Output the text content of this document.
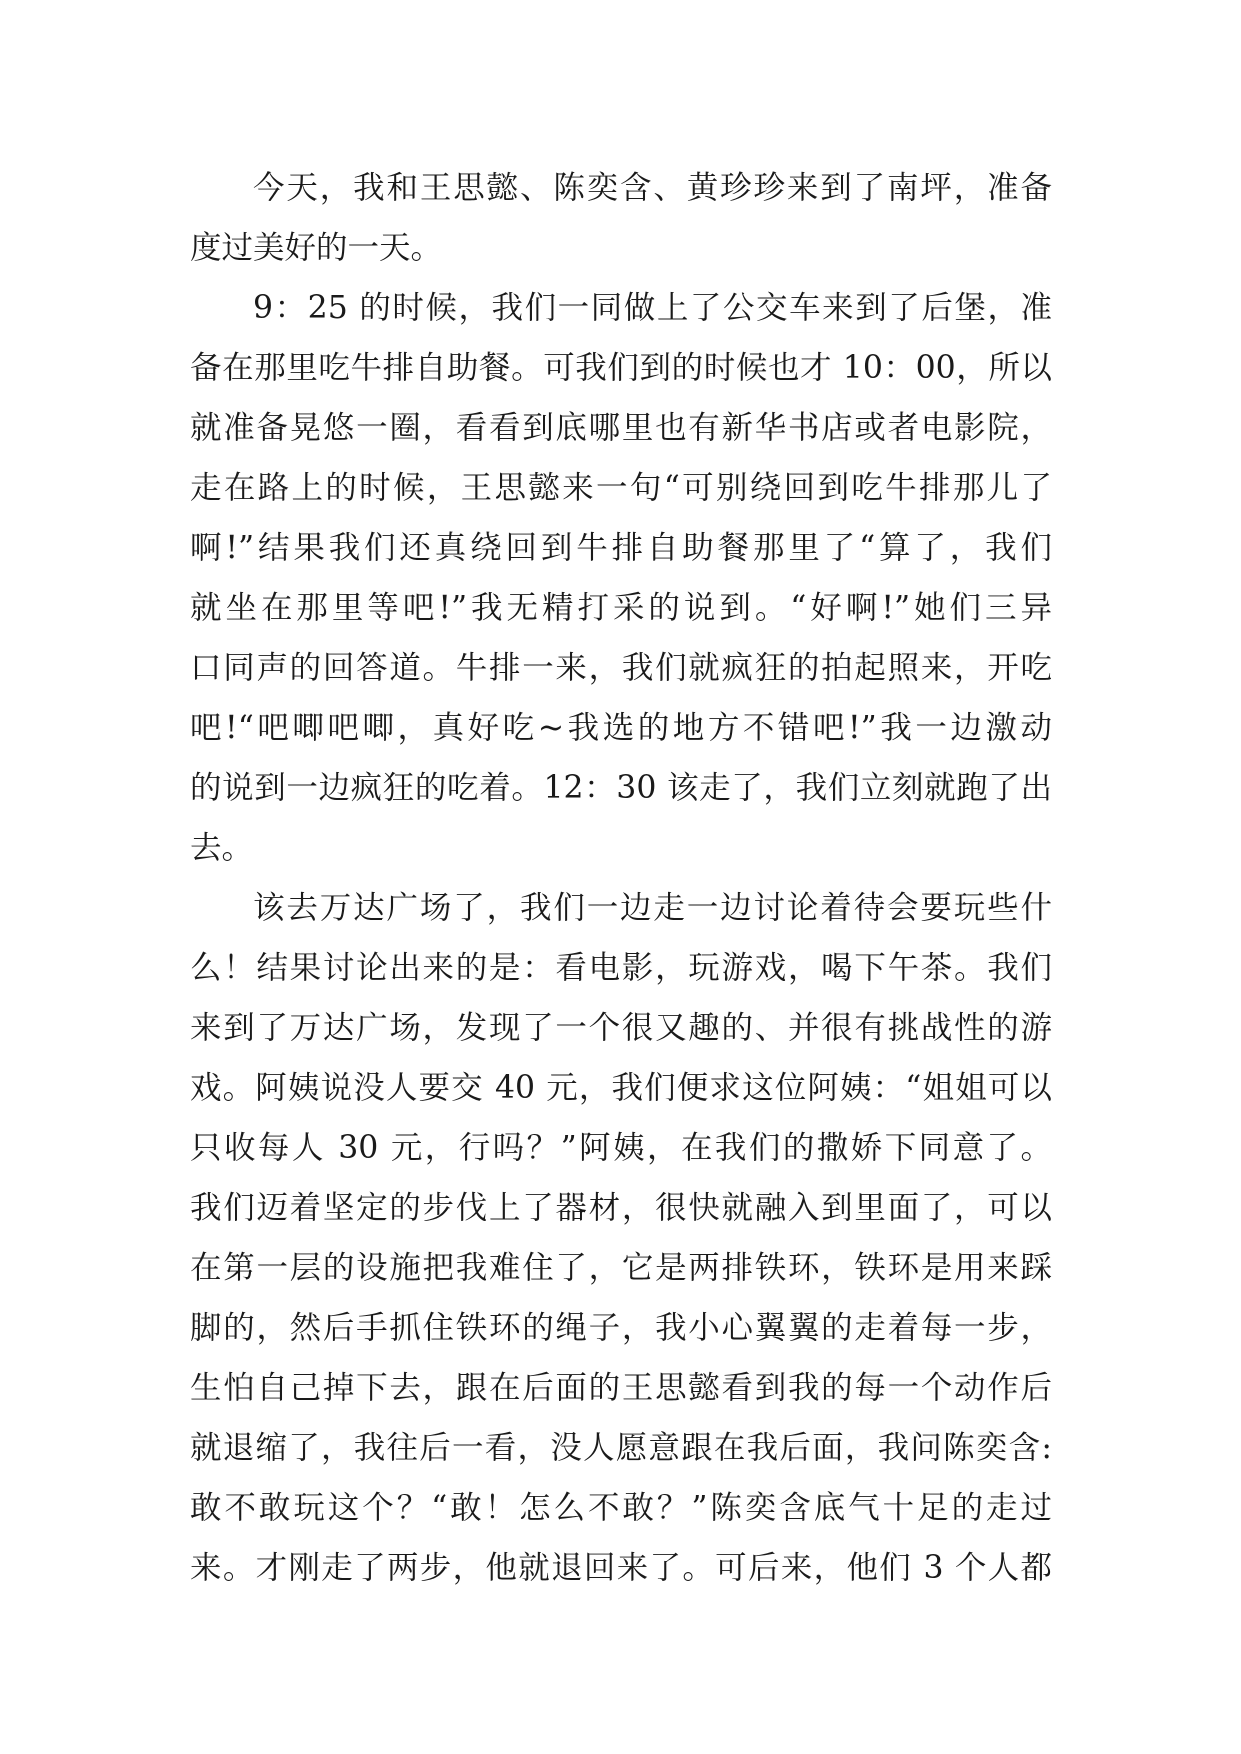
今天，我和王思懿、陈奕含、黄珍珍来到了南坪，准备
度过美好的一天。
9：25 的时候，我们一同做上了公交车来到了后堡，准
备在那里吃牛排自助餐。可我们到的时候也才 10：00，所以
就准备晃悠一圈，看看到底哪里也有新华书店或者电影院，
走在路上的时候，王思懿来一句“可别绕回到吃牛排那儿了
啊!”结果我们还真绕回到牛排自助餐那里了“算了，我们
就坐在那里等吧!”我无精打采的说到。“好啊!”她们三异
口同声的回答道。牛排一来，我们就疯狂的拍起照来，开吃
吧!“吧唧吧唧，真好吃~我选的地方不错吧!”我一边激动
的说到一边疯狂的吃着。12：30 该走了，我们立刻就跑了出
去。
该去万达广场了，我们一边走一边讨论着待会要玩些什
么！结果讨论出来的是：看电影，玩游戏，喝下午茶。我们
来到了万达广场，发现了一个很又趣的、并很有挑战性的游
戏。阿姨说没人要交 40 元，我们便求这位阿姨：“姐姐可以
只收每人 30 元，行吗？”阿姨，在我们的撒娇下同意了。
我们迈着坚定的步伐上了器材，很快就融入到里面了，可以
在第一层的设施把我难住了，它是两排铁环，铁环是用来踩
脚的，然后手抓住铁环的绳子，我小心翼翼的走着每一步，
生怕自己掉下去，跟在后面的王思懿看到我的每一个动作后
就退缩了，我往后一看，没人愿意跟在我后面，我问陈奕含:
敢不敢玩这个？“敢！怎么不敢？”陈奕含底气十足的走过
来。才刚走了两步，他就退回来了。可后来，他们 3 个人都
